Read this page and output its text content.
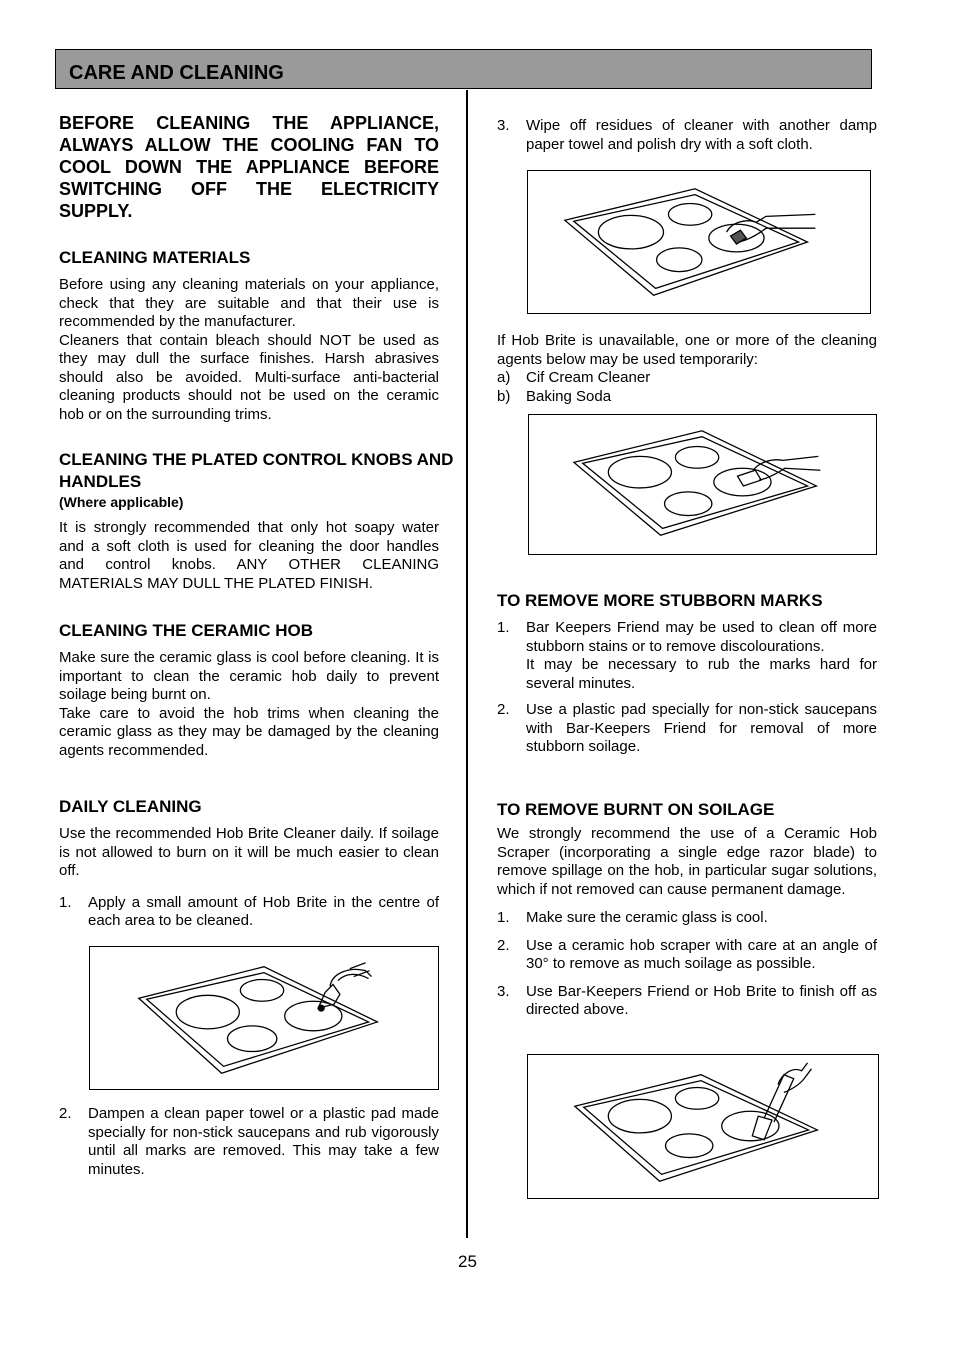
CARE AND CLEANING
BEFORE CLEANING THE APPLIANCE, ALWAYS ALLOW THE COOLING FAN TO COOL DOWN THE APPLIANCE BEFORE SWITCHING OFF THE ELECTRICITY SUPPLY.
CLEANING MATERIALS

Before using any cleaning materials on your appliance, check that they are suitable and that their use is recommended by the manufacturer.

Cleaners that contain bleach should NOT be used as they may dull the surface finishes. Harsh abrasives should also be avoided. Multi-surface anti-bacterial cleaning products should not be used on the ceramic hob or on the surrounding trims.

CLEANING THE PLATED CONTROL KNOBS AND HANDLES
(Where applicable)

It is strongly recommended that only hot soapy water and a soft cloth is used for cleaning the door handles and control knobs. ANY OTHER CLEANING MATERIALS MAY DULL THE PLATED FINISH.

CLEANING THE CERAMIC HOB

Make sure the ceramic glass is cool before cleaning. It is important to clean the ceramic hob daily to prevent soilage being burnt on.

Take care to avoid the hob trims when cleaning the ceramic glass as they may be damaged by the cleaning agents recommended.

DAILY CLEANING

Use the recommended Hob Brite Cleaner daily. If soilage is not allowed to burn on it will be much easier to clean off.

1. Apply a small amount of Hob Brite in the centre of each area to be cleaned.
2. Dampen a clean paper towel or a plastic pad made specially for non-stick saucepans and rub vigorously until all marks are removed. This may take a few minutes.
3. Wipe off residues of cleaner with another damp paper towel and polish dry with a soft cloth.

If Hob Brite is unavailable, one or more of the cleaning agents below may be used temporarily:

a) Cif Cream Cleaner
b) Baking Soda
TO REMOVE MORE STUBBORN MARKS
1. Bar Keepers Friend may be used to clean off more stubborn stains or to remove discolourations.
It may be necessary to rub the marks hard for several minutes.
2. Use a plastic pad specially for non-stick saucepans with Bar-Keepers Friend for removal of more stubborn soilage.
TO REMOVE BURNT ON SOILAGE

We strongly recommend the use of a Ceramic Hob Scraper (incorporating a single edge razor blade) to remove spillage on the hob, in particular sugar solutions, which if not removed can cause permanent damage.

1. Make sure the ceramic glass is cool.
2. Use a ceramic hob scraper with care at an angle of 30° to remove as much soilage as possible.
3. Use Bar-Keepers Friend or Hob Brite to finish off as directed above.
25
